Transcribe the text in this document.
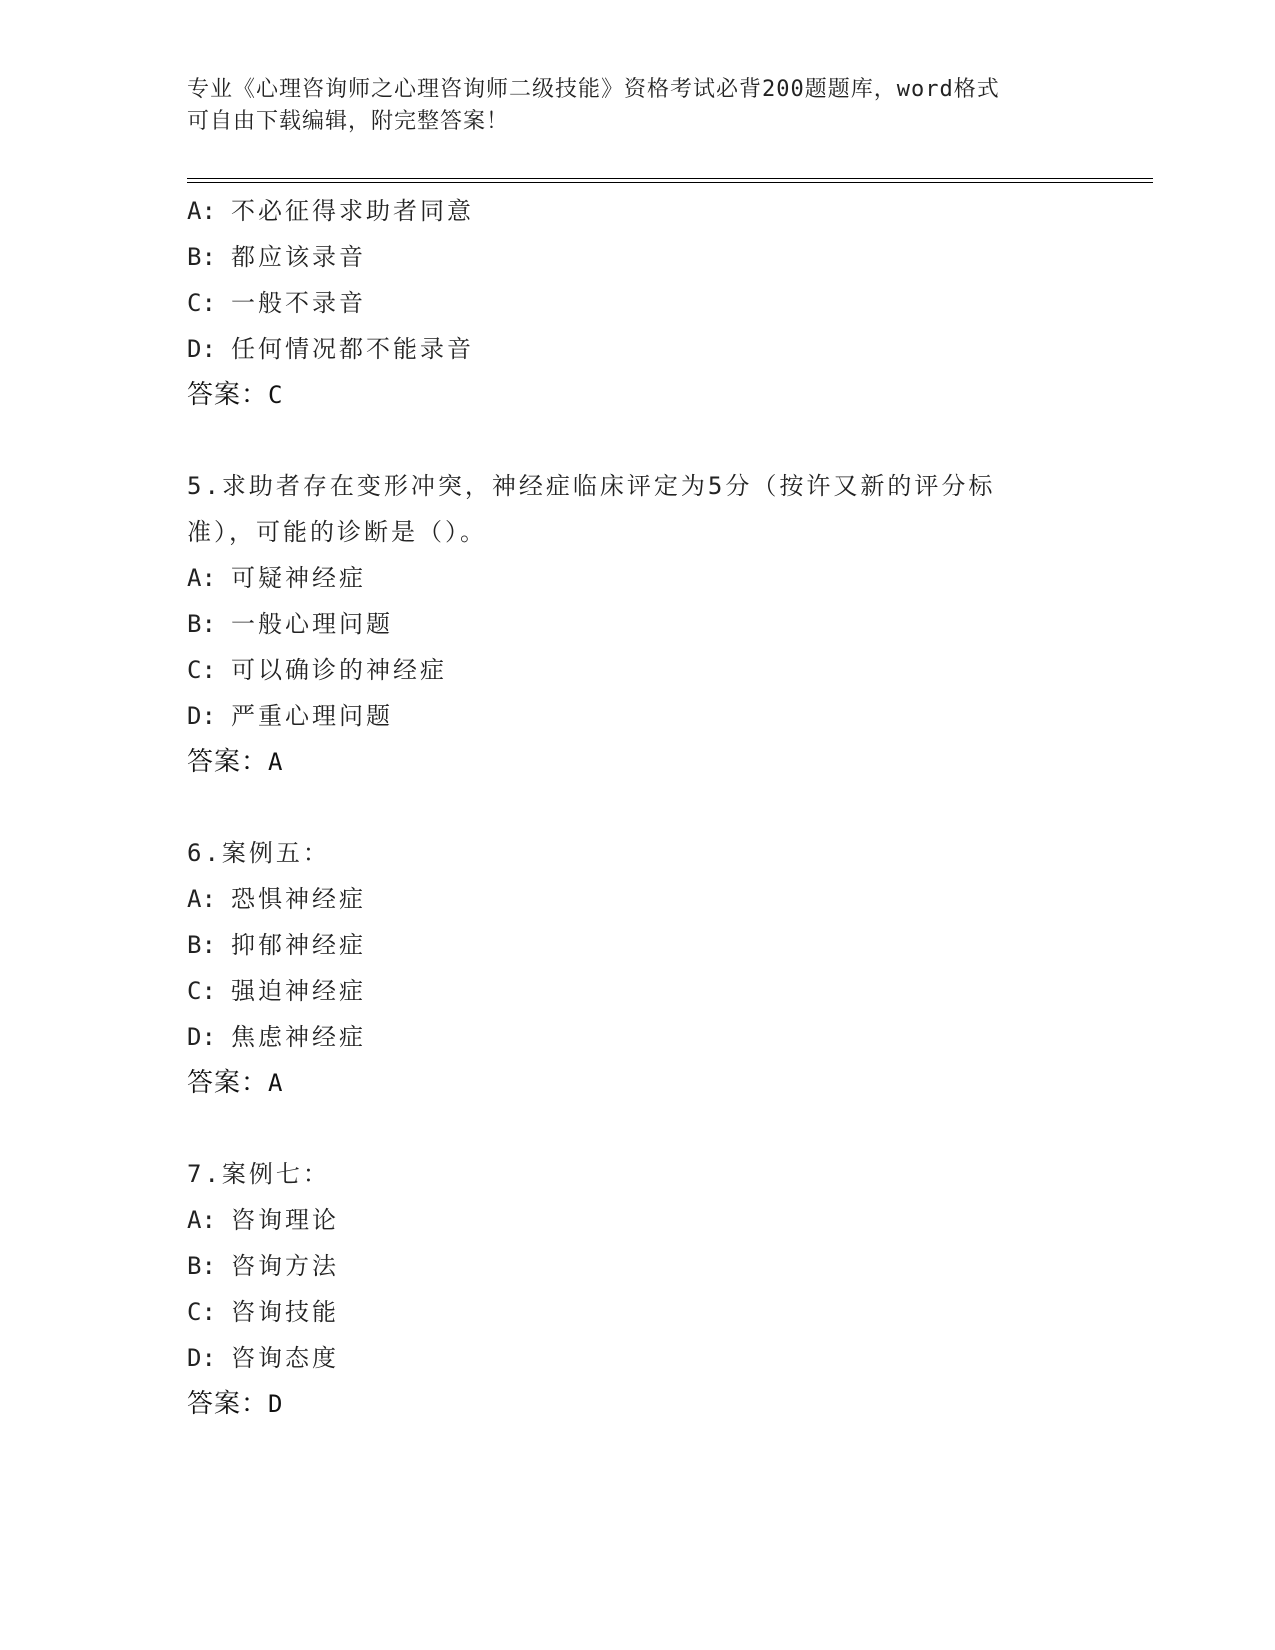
专业《心理咨询师之心理咨询师二级技能》资格考试必背200题题库，word格式
可自由下载编辑，附完整答案！
A: 不必征得求助者同意
B: 都应该录音
C: 一般不录音
D: 任何情况都不能录音
答案：C
5.求助者存在变形冲突，神经症临床评定为5分（按许又新的评分标
准），可能的诊断是（）。
A: 可疑神经症
B: 一般心理问题
C: 可以确诊的神经症
D: 严重心理问题
答案：A
6.案例五：
A: 恐惧神经症
B: 抑郁神经症
C: 强迫神经症
D: 焦虑神经症
答案：A
7.案例七：
A: 咨询理论
B: 咨询方法
C: 咨询技能
D: 咨询态度
答案：D
